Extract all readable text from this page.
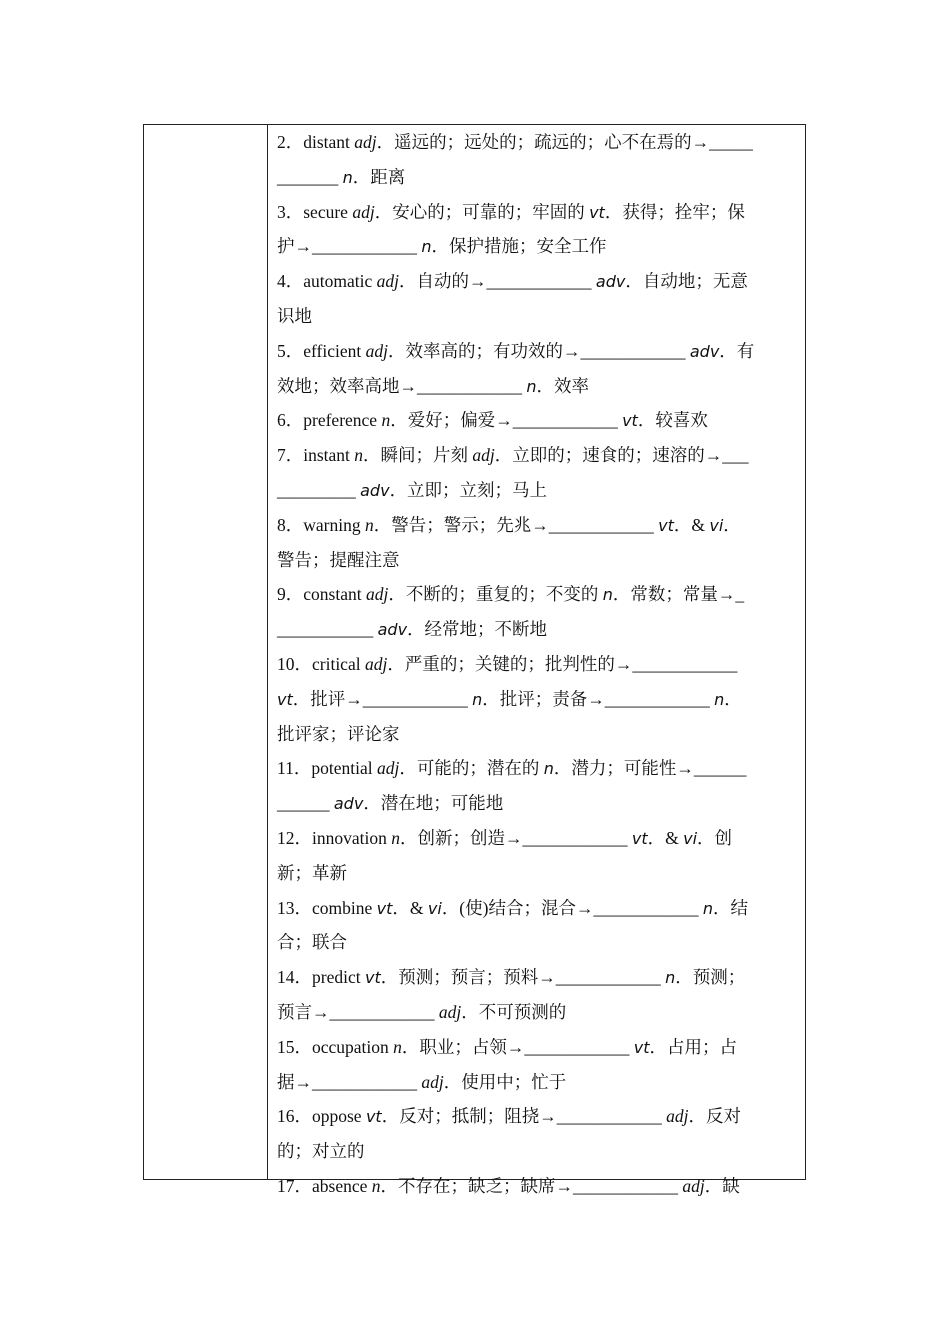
2．distant adj．遥远的；远处的；疏远的；心不在焉的→_____
_______ n．距离
3．secure adj．安心的；可靠的；牢固的 vt．获得；拴牢；保
护→____________ n．保护措施；安全工作
4．automatic adj．自动的→____________ adv．自动地；无意
识地
5．efficient adj．效率高的；有功效的→____________ adv．有
效地；效率高地→____________ n．效率
6．preference n．爱好；偏爱→____________ vt．较喜欢
7．instant n．瞬间；片刻 adj．立即的；速食的；速溶的→___
_________ adv．立即；立刻；马上
8．warning n．警告；警示；先兆→____________ vt．& vi．
警告；提醒注意
9．constant adj．不断的；重复的；不变的 n．常数；常量→_
___________ adv．经常地；不断地
10．critical adj．严重的；关键的；批判性的→____________
vt．批评→____________ n．批评；责备→____________ n．
批评家；评论家
11．potential adj．可能的；潜在的 n．潜力；可能性→______
______ adv．潜在地；可能地
12．innovation n．创新；创造→____________ vt．& vi．创
新；革新
13．combine vt．& vi．(使)结合；混合→____________ n．结
合；联合
14．predict vt．预测；预言；预料→____________ n．预测；
预言→____________ adj．不可预测的
15．occupation n．职业；占领→____________ vt．占用；占
据→____________ adj．使用中；忙于
16．oppose vt．反对；抵制；阻挠→____________ adj．反对
的；对立的
17．absence n．不存在；缺乏；缺席→____________ adj．缺
